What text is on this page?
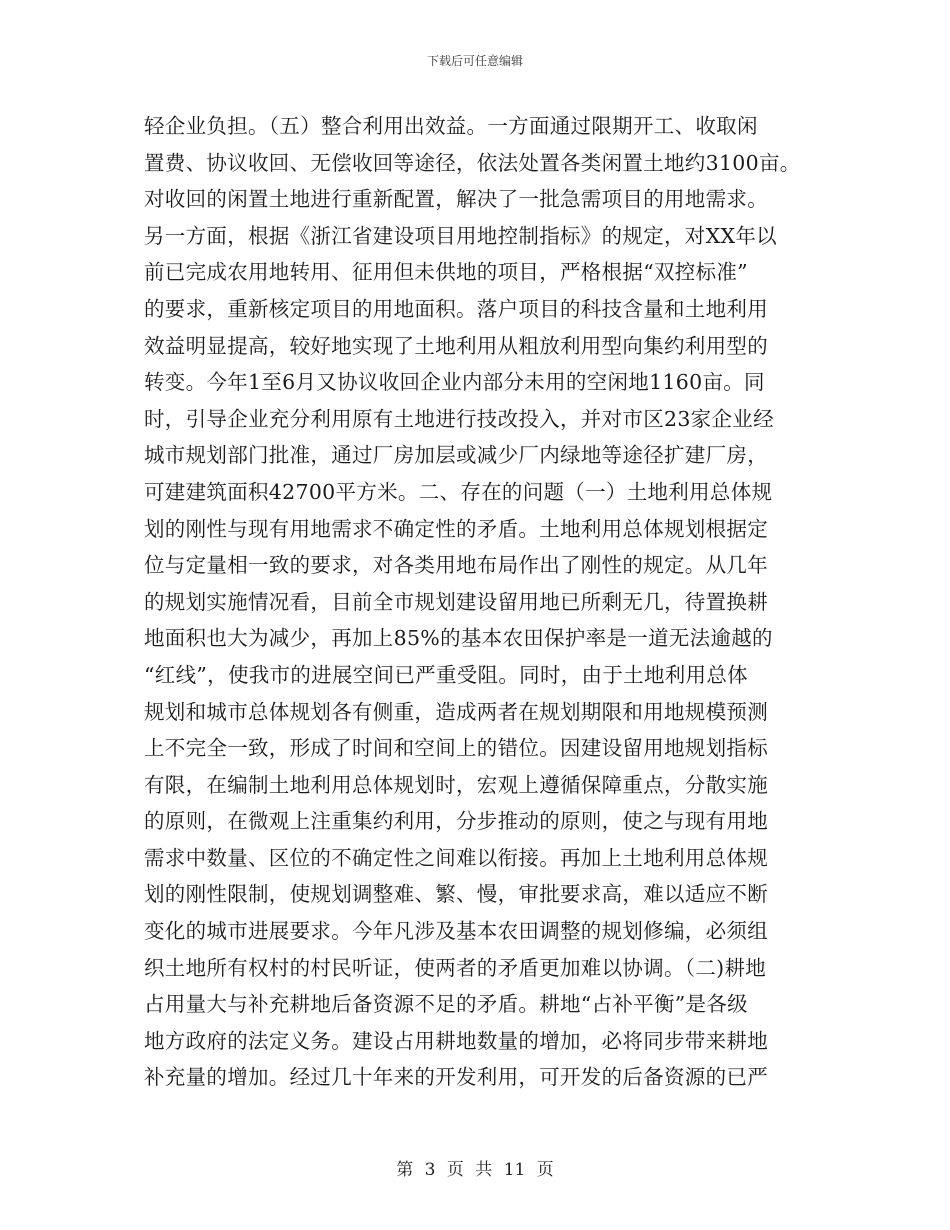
下载后可任意编辑
轻企业负担。（五）整合利用出效益。一方面通过限期开工、收取闲
置费、协议收回、无偿收回等途径，依法处置各类闲置土地约3100亩。
对收回的闲置土地进行重新配置，解决了一批急需项目的用地需求。
另一方面，根据《浙江省建设项目用地控制指标》的规定，对XX年以
前已完成农用地转用、征用但未供地的项目，严格根据“双控标准”
的要求，重新核定项目的用地面积。落户项目的科技含量和土地利用
效益明显提高，较好地实现了土地利用从粗放利用型向集约利用型的
转变。今年1至6月又协议收回企业内部分未用的空闲地1160亩。同
时，引导企业充分利用原有土地进行技改投入，并对市区23家企业经
城市规划部门批准，通过厂房加层或减少厂内绿地等途径扩建厂房，
可建建筑面积42700平方米。二、存在的问题（一）土地利用总体规
划的刚性与现有用地需求不确定性的矛盾。土地利用总体规划根据定
位与定量相一致的要求，对各类用地布局作出了刚性的规定。从几年
的规划实施情况看，目前全市规划建设留用地已所剩无几，待置换耕
地面积也大为减少，再加上85%的基本农田保护率是一道无法逾越的
“红线”，使我市的进展空间已严重受阻。同时，由于土地利用总体
规划和城市总体规划各有侧重，造成两者在规划期限和用地规模预测
上不完全一致，形成了时间和空间上的错位。因建设留用地规划指标
有限，在编制土地利用总体规划时，宏观上遵循保障重点，分散实施
的原则，在微观上注重集约利用，分步推动的原则，使之与现有用地
需求中数量、区位的不确定性之间难以衔接。再加上土地利用总体规
划的刚性限制，使规划调整难、繁、慢，审批要求高，难以适应不断
变化的城市进展要求。今年凡涉及基本农田调整的规划修编，必须组
织土地所有权村的村民听证，使两者的矛盾更加难以协调。（二)耕地
占用量大与补充耕地后备资源不足的矛盾。耕地“占补平衡”是各级
地方政府的法定义务。建设占用耕地数量的增加，必将同步带来耕地
补充量的增加。经过几十年来的开发利用，可开发的后备资源的已严
第 3 页 共 11 页
